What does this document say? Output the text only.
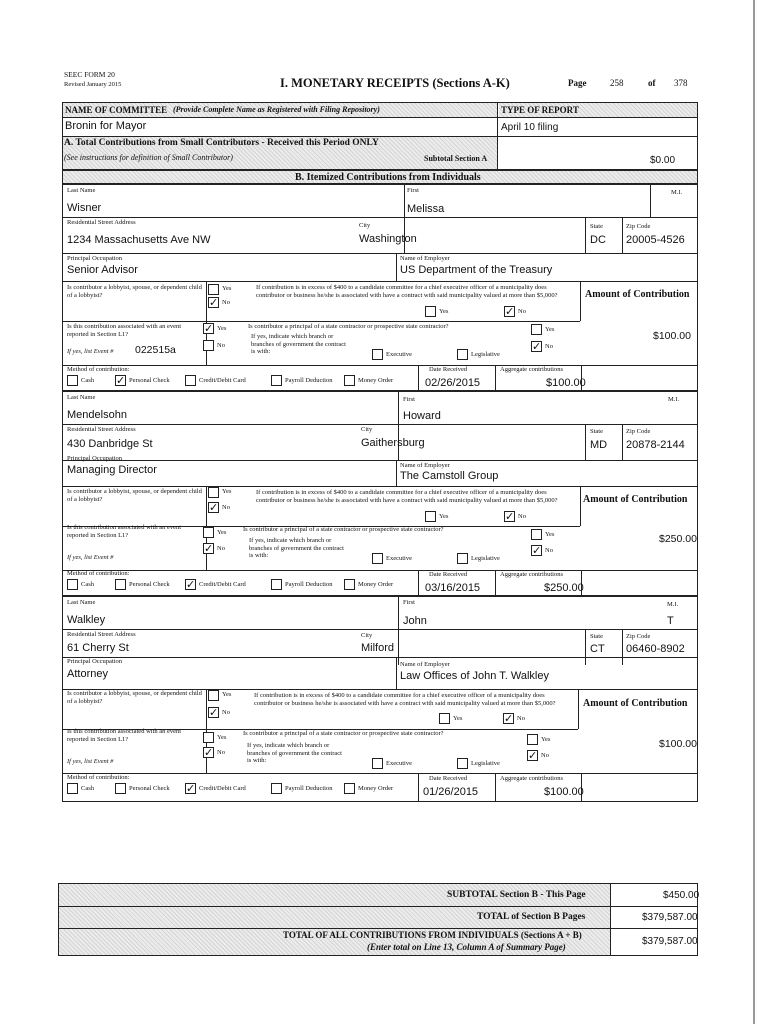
SEEC FORM 20
Revised January 2015	I. MONETARY RECEIPTS (Sections A-K)	Page	258	of 378
NAME OF COMMITTEE (Provide Complete Name as Registered with Filing Repository)	TYPE OF REPORT
Bronin for Mayor	April 10 filing
A. Total Contributions from Small Contributors - Received this Period ONLY
(See instructions for definition of Small Contributor)	Subtotal Section A	$0.00
B. Itemized Contributions from Individuals
Last Name
Wisner
First
Melissa
M.I.
Residential Street Address
1234 Massachusetts Ave NW
City
Washington
State
DC
Zip Code
20005-4526
Principal Occupation
Senior Advisor
Name of Employer
US Department of the Treasury
Is contributor a lobbyist, spouse, or dependent child of a lobbyist?
Yes
✓ No
If contribution is in excess of $400 to a candidate committee for a chief executive officer of a municipality does contributor or business he/she is associated with have a contract with said municipality valued at more than $5,000?
Yes	✓ No
Amount of Contribution
Is this contribution associated with an event reported in Section L1?	✓ Yes
No
If yes, list Event # 022515a
Is contributor a principal of a state contractor or prospective state contractor?
If yes, indicate which branch or branches of government the contract is with:	Executive	Legislative
Yes
✓ No
$100.00
Method of contribution:
Cash ✓ Personal Check	Credit/Debit Card	Payroll Deduction	Money Order
Date Received
02/26/2015
Aggregate contributions
$100.00
Last Name
Mendelsohn
First
Howard
M.I.
Residential Street Address
430 Danbridge St
City
Gaithersburg
State
MD
Zip Code
20878-2144
Principal Occupation
Managing Director	Name of Employer
The Camstoll Group
Is contributor a lobbyist, spouse, or dependent child of a lobbyist?
Yes
✓ No
If contribution is in excess of $400 to a candidate committee for a chief executive officer of a municipality does contributor or business he/she is associated with have a contract with said municipality valued at more than $5,000?
Yes	✓ No
Amount of Contribution
Is this contribution associated with an event reported in Section L1?	Yes
✓ No
If yes, list Event #
Is contributor a principal of a state contractor or prospective state contractor?
If yes, indicate which branch or branches of government the contract is with:	Executive	Legislative
Yes
✓ No
$250.00
Method of contribution:
Cash	Personal Check ✓ Credit/Debit Card	Payroll Deduction	Money Order
Date Received
03/16/2015
Aggregate contributions
$250.00
Last Name
Walkley
First
John
M.I.
T
Residential Street Address
61 Cherry St
City
Milford
State
CT
Zip Code
06460-8902
Principal Occupation
Attorney
Name of Employer
Law Offices of John T. Walkley
Is contributor a lobbyist, spouse, or dependent child of a lobbyist?
Yes
✓ No
If contribution is in excess of $400 to a candidate committee for a chief executive officer of a municipality does contributor or business he/she is associated with have a contract with said municipality valued at more than $5,000?
Yes	✓ No
Amount of Contribution
Is this contribution associated with an event reported in Section L1?	Yes
✓ No
If yes, list Event #
Is contributor a principal of a state contractor or prospective state contractor?
If yes, indicate which branch or branches of government the contract is with:	Executive	Legislative
Yes
✓ No
$100.00
Method of contribution:
Cash	Personal Check ✓ Credit/Debit Card	Payroll Deduction	Money Order
Date Received
01/26/2015
Aggregate contributions
$100.00
SUBTOTAL Section B - This Page	$450.00
TOTAL of Section B Pages	$379,587.00
TOTAL OF ALL CONTRIBUTIONS FROM INDIVIDUALS (Sections A + B)
(Enter total on Line 13, Column A of Summary Page)	$379,587.00
